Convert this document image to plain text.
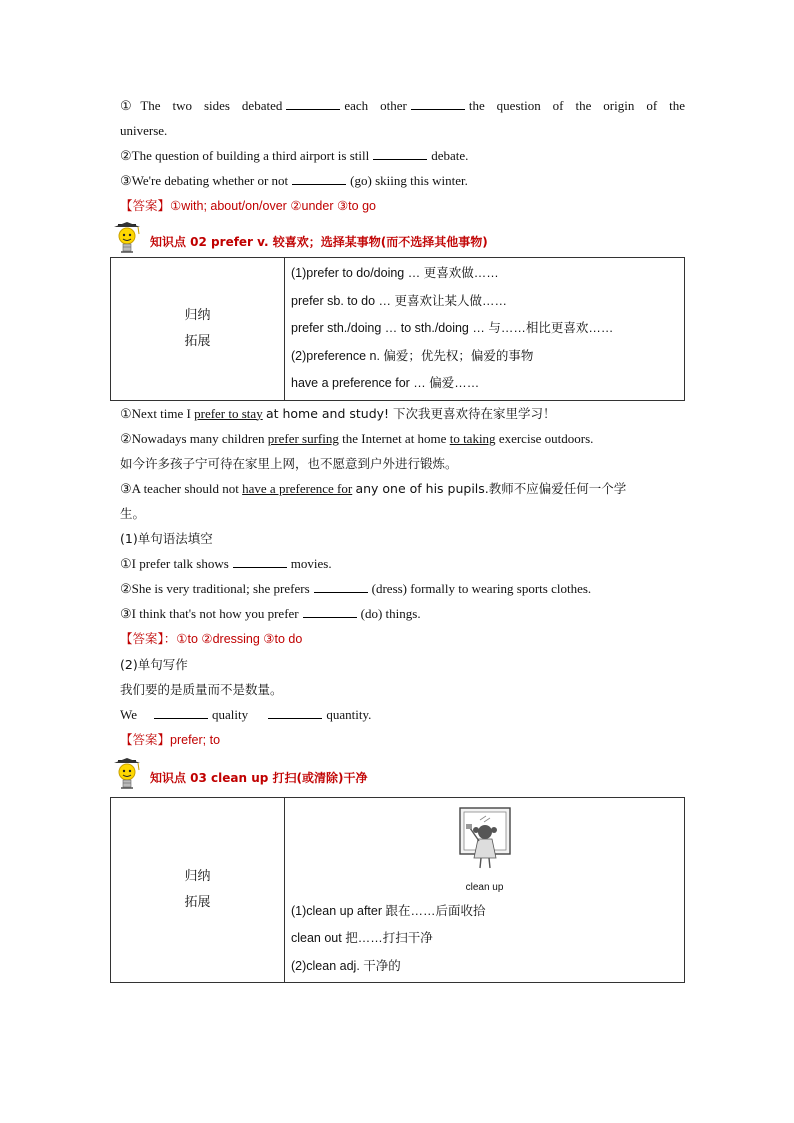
①The two sides debated	each other	the question of the origin of the
universe.
②The question of building a third airport is still	debate.
③We're debating whether or not	(go) skiing this winter.
【答案】①with; about/on/over ②under ③to go
知识点 02 prefer v. 较喜欢；选择某事物(而不选择其他事物)
归纳
拓展

(1)prefer to do/doing … 更喜欢做……
prefer sb. to do … 更喜欢让某人做……
prefer sth./doing … to sth./doing … 与……相比更喜欢……
(2)preference n. 偏爱；优先权；偏爱的事物
have a preference for … 偏爱……
①Next time I prefer to stay at home and study! 下次我更喜欢待在家里学习！
②Nowadays many children prefer surfing the Internet at home to taking exercise outdoors.
如今许多孩子宁可待在家里上网，也不愿意到户外进行锻炼。
③A teacher should not have a preference for any one of his pupils.教师不应偏爱任何一个学
生。
(1)单句语法填空
①I prefer talk shows	movies.
②She is very traditional; she prefers	(dress) formally to wearing sports clothes.
③I think that's not how you prefer	(do) things.
【答案】：①to ②dressing ③to do
(2)单句写作
我们要的是质量而不是数量。
We	quality	quantity.
【答案】prefer; to
知识点 03 clean up 打扫(或清除)干净
归纳
拓展

clean up
(1)clean up after 跟在……后面收拾
clean out 把……打扫干净
(2)clean adj. 干净的
